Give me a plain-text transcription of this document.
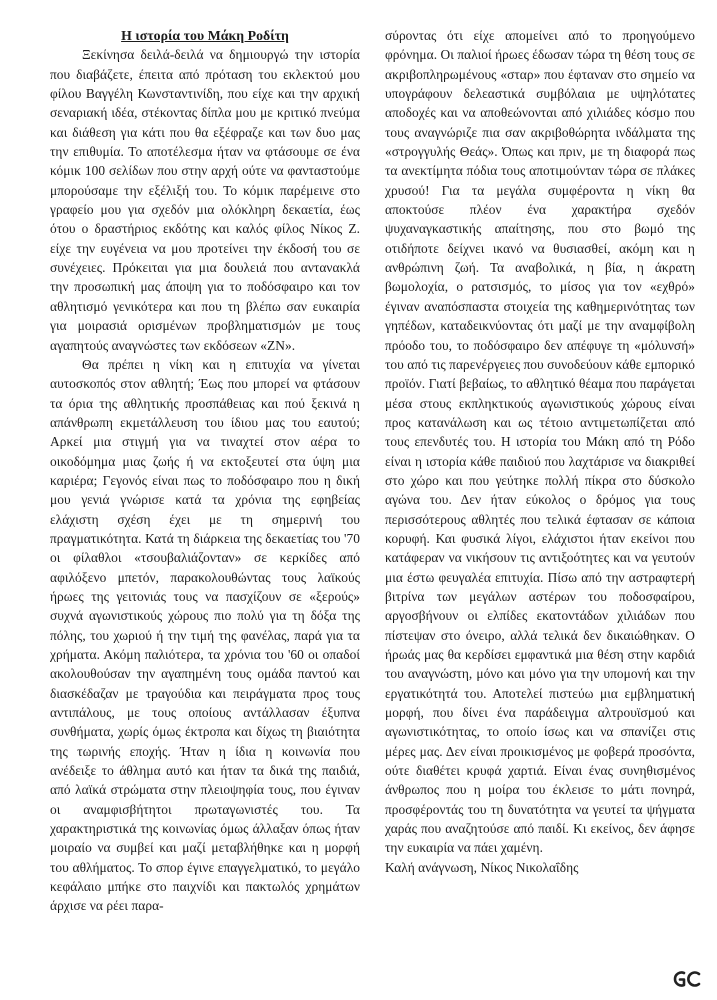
Η ιστορία του Μάκη Ροδίτη

Ξεκίνησα δειλά-δειλά να δημιουργώ την ιστορία που διαβάζετε, έπειτα από πρόταση του εκλεκτού μου φίλου Βαγγέλη Κωνσταντινίδη, που είχε και την αρχική σεναριακή ιδέα, στέκοντας δίπλα μου με κριτικό πνεύμα και διάθεση για κάτι που θα εξέφραζε και των δυο μας την επιθυμία. Το αποτέλεσμα ήταν να φτάσουμε σε ένα κόμικ 100 σελίδων που στην αρχή ούτε να φανταστούμε μπορούσαμε την εξέλιξή του. Το κόμικ παρέμεινε στο γραφείο μου για σχεδόν μια ολόκληρη δεκαετία, έως ότου ο δραστήριος εκδότης και καλός φίλος Νίκος Ζ. είχε την ευγένεια να μου προτείνει την έκδοσή του σε συνέχειες. Πρόκειται για μια δουλειά που αντανακλά την προσωπική μας άποψη για το ποδόσφαιρο και τον αθλητισμό γενικότερα και που τη βλέπω σαν ευκαιρία για μοιρασιά ορισμένων προβληματισμών με τους αγαπητούς αναγνώστες των εκδόσεων «ΖΝ».

Θα πρέπει η νίκη και η επιτυχία να γίνεται αυτοσκοπός στον αθλητή; Έως που μπορεί να φτάσουν τα όρια της αθλητικής προσπάθειας και πού ξεκινά η απάνθρωπη εκμετάλλευση του ίδιου μας του εαυτού; Αρκεί μια στιγμή για να τιναχτεί στον αέρα το οικοδόμημα μιας ζωής ή να εκτοξευτεί στα ύψη μια καριέρα; Γεγονός είναι πως το ποδόσφαιρο που η δική μου γενιά γνώρισε κατά τα χρόνια της εφηβείας ελάχιστη σχέση έχει με τη σημερινή του πραγματικότητα. Κατά τη διάρκεια της δεκαετίας του '70 οι φίλαθλοι «τσουβαλιάζονταν» σε κερκίδες από αφιλόξενο μπετόν, παρακολουθώντας τους λαϊκούς ήρωες της γειτονιάς τους να πασχίζουν σε «ξερούς» συχνά αγωνιστικούς χώρους πιο πολύ για τη δόξα της πόλης, του χωριού ή την τιμή της φανέλας, παρά για τα χρήματα. Ακόμη παλιότερα, τα χρόνια του '60 οι οπαδοί ακολουθούσαν την αγαπημένη τους ομάδα παντού και διασκέδαζαν με τραγούδια και πειράγματα προς τους αντιπάλους, με τους οποίους αντάλλασαν έξυπνα συνθήματα, χωρίς όμως έκτροπα και δίχως τη βιαιότητα της τωρινής εποχής. Ήταν η ίδια η κοινωνία που ανέδειξε το άθλημα αυτό και ήταν τα δικά της παιδιά, από λαϊκά στρώματα στην πλειοψηφία τους, που έγιναν οι αναμφισβήτητοι πρωταγωνιστές του. Τα χαρακτηριστικά της κοινωνίας όμως άλλαξαν όπως ήταν μοιραίο να συμβεί και μαζί μεταβλήθηκε και η μορφή του αθλήματος. Το σπορ έγινε επαγγελματικό, το μεγάλο κεφάλαιο μπήκε στο παιχνίδι και πακτωλός χρημάτων άρχισε να ρέει παρα-

σύροντας ότι είχε απομείνει από το προηγούμενο φρόνημα. Οι παλιοί ήρωες έδωσαν τώρα τη θέση τους σε ακριβοπληρωμένους «σταρ» που έφταναν στο σημείο να υπογράφουν δελεαστικά συμβόλαια με υψηλότατες αποδοχές και να αποθεώνονται από χιλιάδες κόσμο που τους αναγνώριζε πια σαν ακριβοθώρητα ινδάλματα της «στρογγυλής Θεάς». Όπως και πριν, με τη διαφορά πως τα ανεκτίμητα πόδια τους αποτιμούνταν τώρα σε πλάκες χρυσού! Για τα μεγάλα συμφέροντα η νίκη θα αποκτούσε πλέον ένα χαρακτήρα σχεδόν ψυχαναγκαστικής απαίτησης, που στο βωμό της οτιδήποτε δείχνει ικανό να θυσιασθεί, ακόμη και η ανθρώπινη ζωή. Τα αναβολικά, η βία, η άκρατη βωμολοχία, ο ρατσισμός, το μίσος για τον «εχθρό» έγιναν αναπόσπαστα στοιχεία της καθημερινότητας των γηπέδων, καταδεικνύοντας ότι μαζί με την αναμφίβολη πρόοδο του, το ποδόσφαιρο δεν απέφυγε τη «μόλυνσή» του από τις παρενέργειες που συνοδεύουν κάθε εμπορικό προϊόν. Γιατί βεβαίως, το αθλητικό θέαμα που παράγεται μέσα στους εκπληκτικούς αγωνιστικούς χώρους είναι προς κατανάλωση και ως τέτοιο αντιμετωπίζεται από τους επενδυτές του. Η ιστορία του Μάκη από τη Ρόδο είναι η ιστορία κάθε παιδιού που λαχτάρισε να διακριθεί στο χώρο και που γεύτηκε πολλή πίκρα στο δύσκολο αγώνα του. Δεν ήταν εύκολος ο δρόμος για τους περισσότερους αθλητές που τελικά έφτασαν σε κάποια κορυφή. Και φυσικά λίγοι, ελάχιστοι ήταν εκείνοι που κατάφεραν να νικήσουν τις αντιξοότητες και να γευτούν μια έστω φευγαλέα επιτυχία. Πίσω από την αστραφτερή βιτρίνα των μεγάλων αστέρων του ποδοσφαίρου, αργοσβήνουν οι ελπίδες εκατοντάδων χιλιάδων που πίστεψαν στο όνειρο, αλλά τελικά δεν δικαιώθηκαν. Ο ήρωάς μας θα κερδίσει εμφαντικά μια θέση στην καρδιά του αναγνώστη, μόνο και μόνο για την υπομονή και την εργατικότητά του. Αποτελεί πιστεύω μια εμβληματική μορφή, που δίνει ένα παράδειγμα αλτρουϊσμού και αγωνιστικότητας, το οποίο ίσως και να σπανίζει στις μέρες μας. Δεν είναι προικισμένος με φοβερά προσόντα, ούτε διαθέτει κρυφά χαρτιά. Είναι ένας συνηθισμένος άνθρωπος που η μοίρα του έκλεισε το μάτι πονηρά, προσφέροντάς του τη δυνατότητα να γευτεί τα ψήγματα χαράς που αναζητούσε από παιδί. Κι εκείνος, δεν άφησε την ευκαιρία να πάει χαμένη.

Καλή ανάγνωση, Νίκος Νικολαΐδης
